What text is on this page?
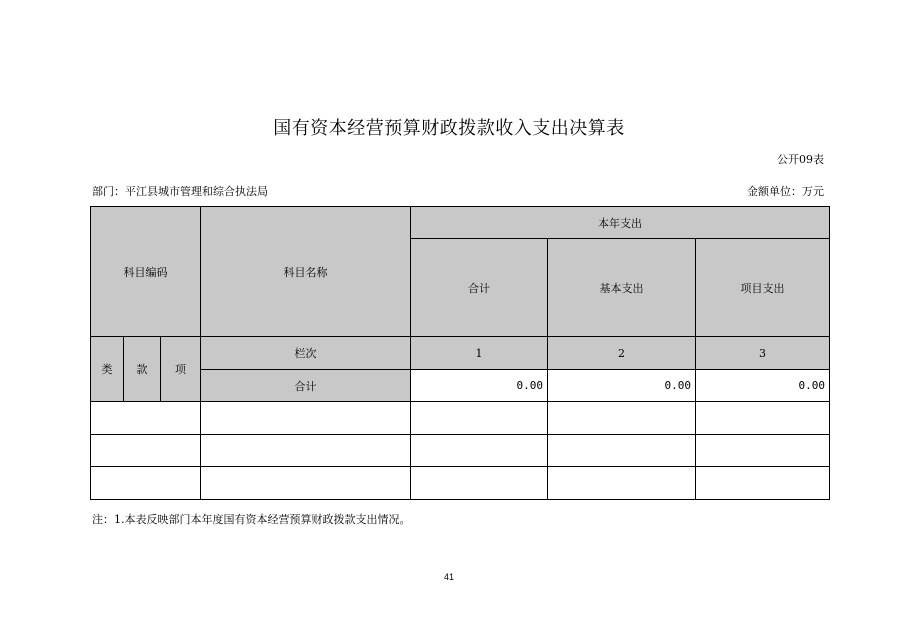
国有资本经营预算财政拨款收入支出决算表
公开09表
部门：平江县城市管理和综合执法局	金额单位：万元
科目编码			科目名称	本年支出		
				合计	基本支出	项目支出
类	款	项	栏次	1	2	3
			合计	0.00	0.00	0.00

注：1.本表反映部门本年度国有资本经营预算财政拨款支出情况。
41
